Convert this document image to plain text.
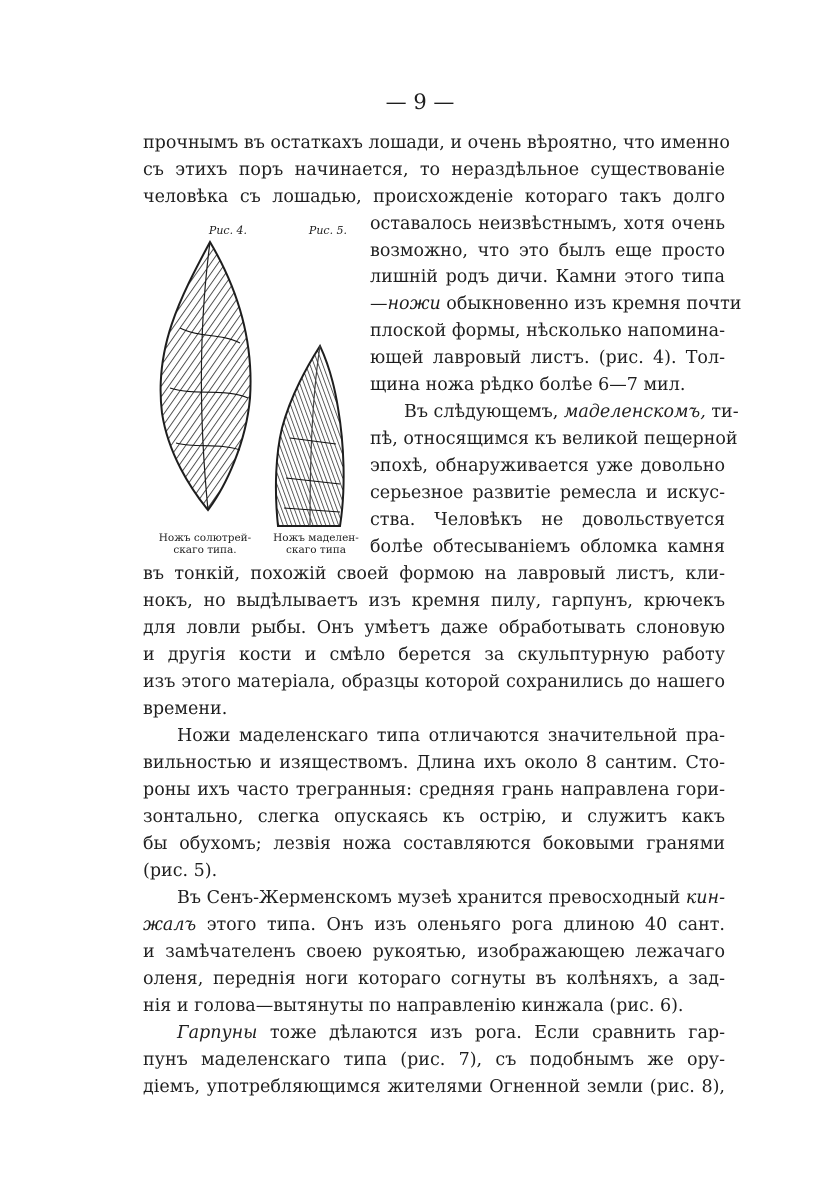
— 9 —
Рис. 4.	Рис. 5.
Ножъ солютрей-
скаго типа.
Ножъ маделен-
скаго типа

прочнымъ въ остаткахъ лошади, и очень вѣроятно, что именно

съ этихъ поръ начинается, то нераздѣльное существованіе

человѣка съ лошадью, происхожденіе котораго такъ долго

оставалось неизвѣстнымъ, хотя очень

возможно, что это былъ еще просто

лишній родъ дичи. Камни этого типа

—ножи обыкновенно изъ кремня почти

плоской формы, нѣсколько напомина-

ющей лавровый листъ. (рис. 4). Тол-

щина ножа рѣдко болѣе 6—7 мил.

Въ слѣдующемъ, маделенскомъ, ти-

пѣ, относящимся къ великой пещерной

эпохѣ, обнаруживается уже довольно

серьезное развитіе ремесла и искус-

ства. Человѣкъ не довольствуется

болѣе обтесываніемъ обломка камня

въ тонкій, похожій своей формою на лавровый листъ, кли-

нокъ, но выдѣлываетъ изъ кремня пилу, гарпунъ, крючекъ

для ловли рыбы. Онъ умѣетъ даже обработывать слоновую

и другія кости и смѣло берется за скульптурную работу

изъ этого матеріала, образцы которой сохранились до нашего

времени.

Ножи маделенскаго типа отличаются значительной пра-

вильностью и изяществомъ. Длина ихъ около 8 сантим. Сто-

роны ихъ часто трегранныя: средняя грань направлена гори-

зонтально, слегка опускаясь къ острію, и служитъ какъ

бы обухомъ; лезвія ножа составляются боковыми гранями

(рис. 5).

Въ Сенъ-Жерменскомъ музеѣ хранится превосходный кин-

жалъ этого типа. Онъ изъ оленьяго рога длиною 40 сант.

и замѣчателенъ своею рукоятью, изображающею лежачаго

оленя, переднія ноги котораго согнуты въ колѣняхъ, а зад-

нія и голова—вытянуты по направленію кинжала (рис. 6).

Гарпуны тоже дѣлаются изъ рога. Если сравнить гар-

пунъ маделенскаго типа (рис. 7), съ подобнымъ же ору-

діемъ, употребляющимся жителями Огненной земли (рис. 8),
